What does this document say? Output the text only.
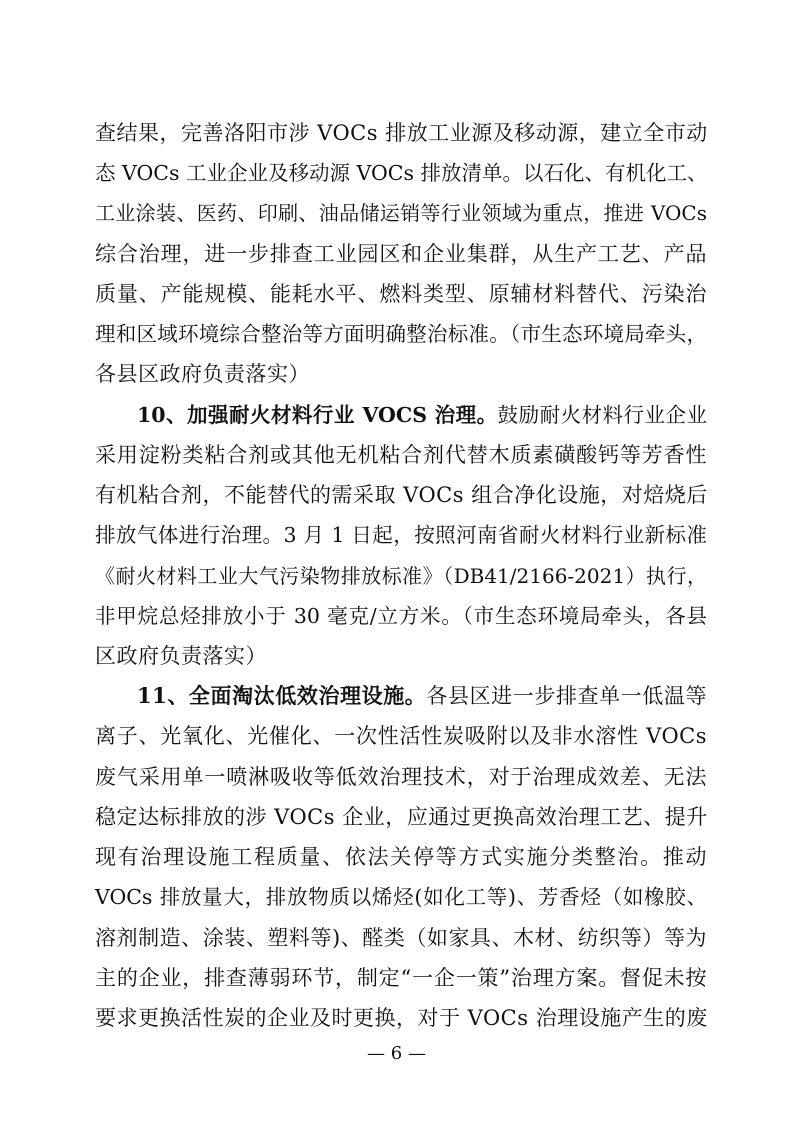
查结果，完善洛阳市涉 VOCs 排放工业源及移动源，建立全市动
态 VOCs 工业企业及移动源 VOCs 排放清单。以石化、有机化工、
工业涂装、医药、印刷、油品储运销等行业领域为重点，推进 VOCs
综合治理，进一步排查工业园区和企业集群，从生产工艺、产品
质量、产能规模、能耗水平、燃料类型、原辅材料替代、污染治
理和区域环境综合整治等方面明确整治标准。（市生态环境局牵头，
各县区政府负责落实）
10、加强耐火材料行业 VOCS 治理。鼓励耐火材料行业企业
采用淀粉类粘合剂或其他无机粘合剂代替木质素磺酸钙等芳香性
有机粘合剂，不能替代的需采取 VOCs 组合净化设施，对焙烧后
排放气体进行治理。3 月 1 日起，按照河南省耐火材料行业新标准
《耐火材料工业大气污染物排放标准》（DB41/2166-2021）执行，
非甲烷总烃排放小于 30 毫克/立方米。（市生态环境局牵头，各县
区政府负责落实）
11、全面淘汰低效治理设施。各县区进一步排查单一低温等
离子、光氧化、光催化、一次性活性炭吸附以及非水溶性 VOCs
废气采用单一喷淋吸收等低效治理技术，对于治理成效差、无法
稳定达标排放的涉 VOCs 企业，应通过更换高效治理工艺、提升
现有治理设施工程质量、依法关停等方式实施分类整治。推动
VOCs 排放量大，排放物质以烯烃(如化工等)、芳香烃（如橡胶、
溶剂制造、涂装、塑料等)、醛类（如家具、木材、纺织等）等为
— 6 —
主的企业，排查薄弱环节，制定“一企一策”治理方案。督促未按
要求更换活性炭的企业及时更换，对于 VOCs 治理设施产生的废
